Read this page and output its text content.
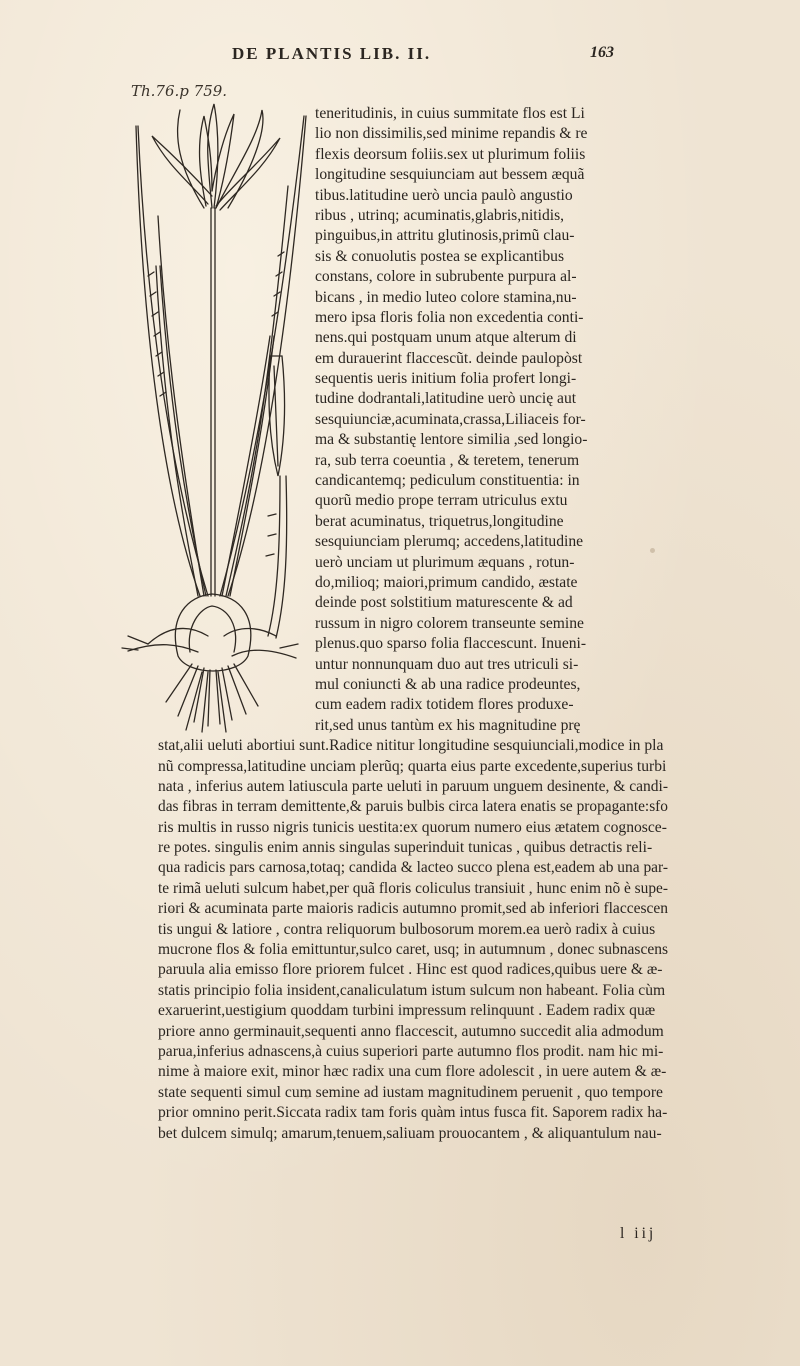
DE PLANTIS LIB. II.	163
Th.76.p 759.
teneritudinis, in cuius summitate flos est Li
lio non dissimilis,sed minime repandis & re
flexis deorsum foliis.sex ut plurimum foliis
longitudine sesquiunciam aut bessem æquã
tibus.latitudine uerò uncia paulò angustio
ribus , utrinq; acuminatis,glabris,nitidis,
pinguibus,in attritu glutinosis,primũ clau-
sis & conuolutis postea se explicantibus
constans, colore in subrubente purpura al-
bicans , in medio luteo colore stamina,nu-
mero ipsa floris folia non excedentia conti-
nens.qui postquam unum atque alterum di
em durauerint flaccescũt. deinde paulopòst
sequentis ueris initium folia profert longi-
tudine dodrantali,latitudine uerò uncię aut
sesquiunciæ,acuminata,crassa,Liliaceis for-
ma & substantię lentore similia ,sed longio-
ra, sub terra coeuntia , & teretem, tenerum
candicantemq; pediculum constituentia: in
quorũ medio prope terram utriculus extu
berat acuminatus, triquetrus,longitudine
sesquiunciam plerumq; accedens,latitudine
uerò unciam ut plurimum æquans , rotun-
do,milioq; maiori,primum candido, æstate
deinde post solstitium maturescente & ad
russum in nigro colorem transeunte semine
plenus.quo sparso folia flaccescunt. Inueni-
untur nonnunquam duo aut tres utriculi si-
mul coniuncti & ab una radice prodeuntes,
cum eadem radix totidem flores produxe-
rit,sed unus tantùm ex his magnitudine prę
stat,alii ueluti abortiui sunt.Radice nititur longitudine sesquiunciali,modice in pla
nũ compressa,latitudine unciam plerũq; quarta eius parte excedente,superius turbi
nata , inferius autem latiuscula parte ueluti in paruum unguem desinente, & candi-
das fibras in terram demittente,& paruis bulbis circa latera enatis se propagante:sfo
ris multis in russo nigris tunicis uestita:ex quorum numero eius ætatem cognosce-
re potes. singulis enim annis singulas superinduit tunicas , quibus detractis reli-
qua radicis pars carnosa,totaq; candida & lacteo succo plena est,eadem ab una par-
te rimã ueluti sulcum habet,per quã floris coliculus transiuit , hunc enim nõ è supe-
riori & acuminata parte maioris radicis autumno promit,sed ab inferiori flaccescen
tis ungui & latiore , contra reliquorum bulbosorum morem.ea uerò radix à cuius
mucrone flos & folia emittuntur,sulco caret, usq; in autumnum , donec subnascens
paruula alia emisso flore priorem fulcet . Hinc est quod radices,quibus uere & æ-
statis principio folia insident,canaliculatum istum sulcum non habeant. Folia cùm
exaruerint,uestigium quoddam turbini impressum relinquunt . Eadem radix quæ
priore anno germinauit,sequenti anno flaccescit, autumno succedit alia admodum
parua,inferius adnascens,à cuius superiori parte autumno flos prodit. nam hic mi-
nime à maiore exit, minor hæc radix una cum flore adolescit , in uere autem & æ-
state sequenti simul cum semine ad iustam magnitudinem peruenit , quo tempore
prior omnino perit.Siccata radix tam foris quàm intus fusca fit. Saporem radix ha-
bet dulcem simulq; amarum,tenuem,saliuam prouocantem , & aliquantulum nau-
l iij
